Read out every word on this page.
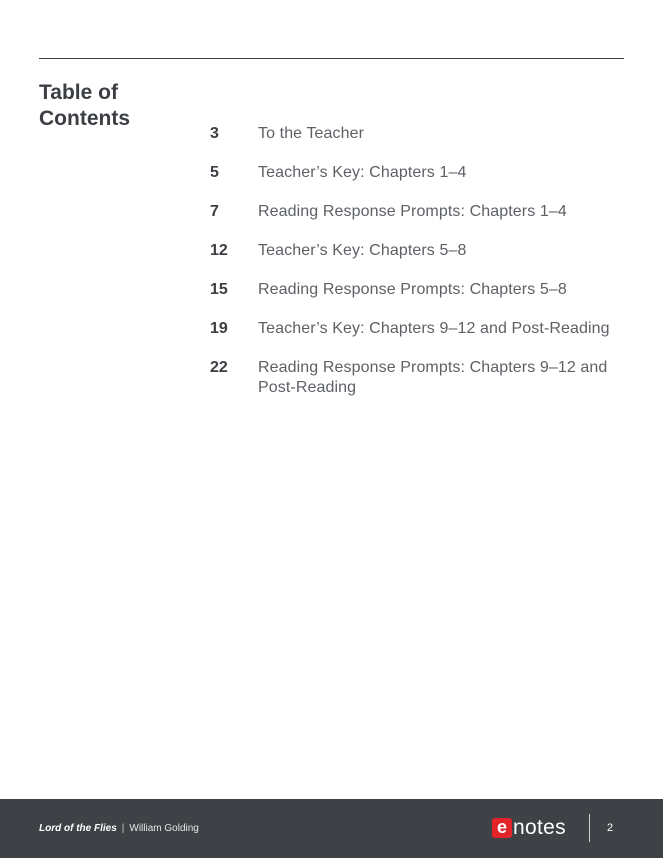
Table of
Contents
3	To the Teacher
5	Teacher’s Key: Chapters 1–4
7	Reading Response Prompts: Chapters 1–4
12	Teacher’s Key: Chapters 5–8
15	Reading Response Prompts: Chapters 5–8
19	Teacher’s Key: Chapters 9–12 and Post-Reading
22	Reading Response Prompts: Chapters 9–12 and Post-Reading
Lord of the Flies | William Golding	e notes	2
